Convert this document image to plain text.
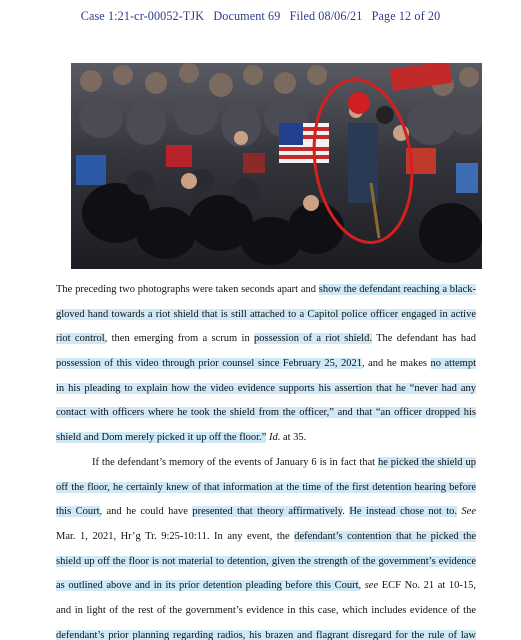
Case 1:21-cr-00052-TJK Document 69 Filed 08/06/21 Page 12 of 20
The preceding two photographs were taken seconds apart and show the defendant reaching a black-
gloved hand towards a riot shield that is still attached to a Capitol police officer engaged in active
riot control, then emerging from a scrum in possession of a riot shield. The defendant has had
possession of this video through prior counsel since February 25, 2021, and he makes no attempt
in his pleading to explain how the video evidence supports his assertion that he “never had any
contact with officers where he took the shield from the officer,” and that “an officer dropped his
shield and Dom merely picked it up off the floor.” Id. at 35.
If the defendant’s memory of the events of January 6 is in fact that he picked the shield up
off the floor, he certainly knew of that information at the time of the first detention hearing before
this Court, and he could have presented that theory affirmatively. He instead chose not to. See
Mar. 1, 2021, Hr’g Tr. 9:25-10:11. In any event, the defendant’s contention that he picked the
shield up off the floor is not material to detention, given the strength of the government’s evidence
as outlined above and in its prior detention pleading before this Court, see ECF No. 21 at 10-15,
and in light of the rest of the government’s evidence in this case, which includes evidence of the
defendant’s prior planning regarding radios, his brazen and flagrant disregard for the rule of law
